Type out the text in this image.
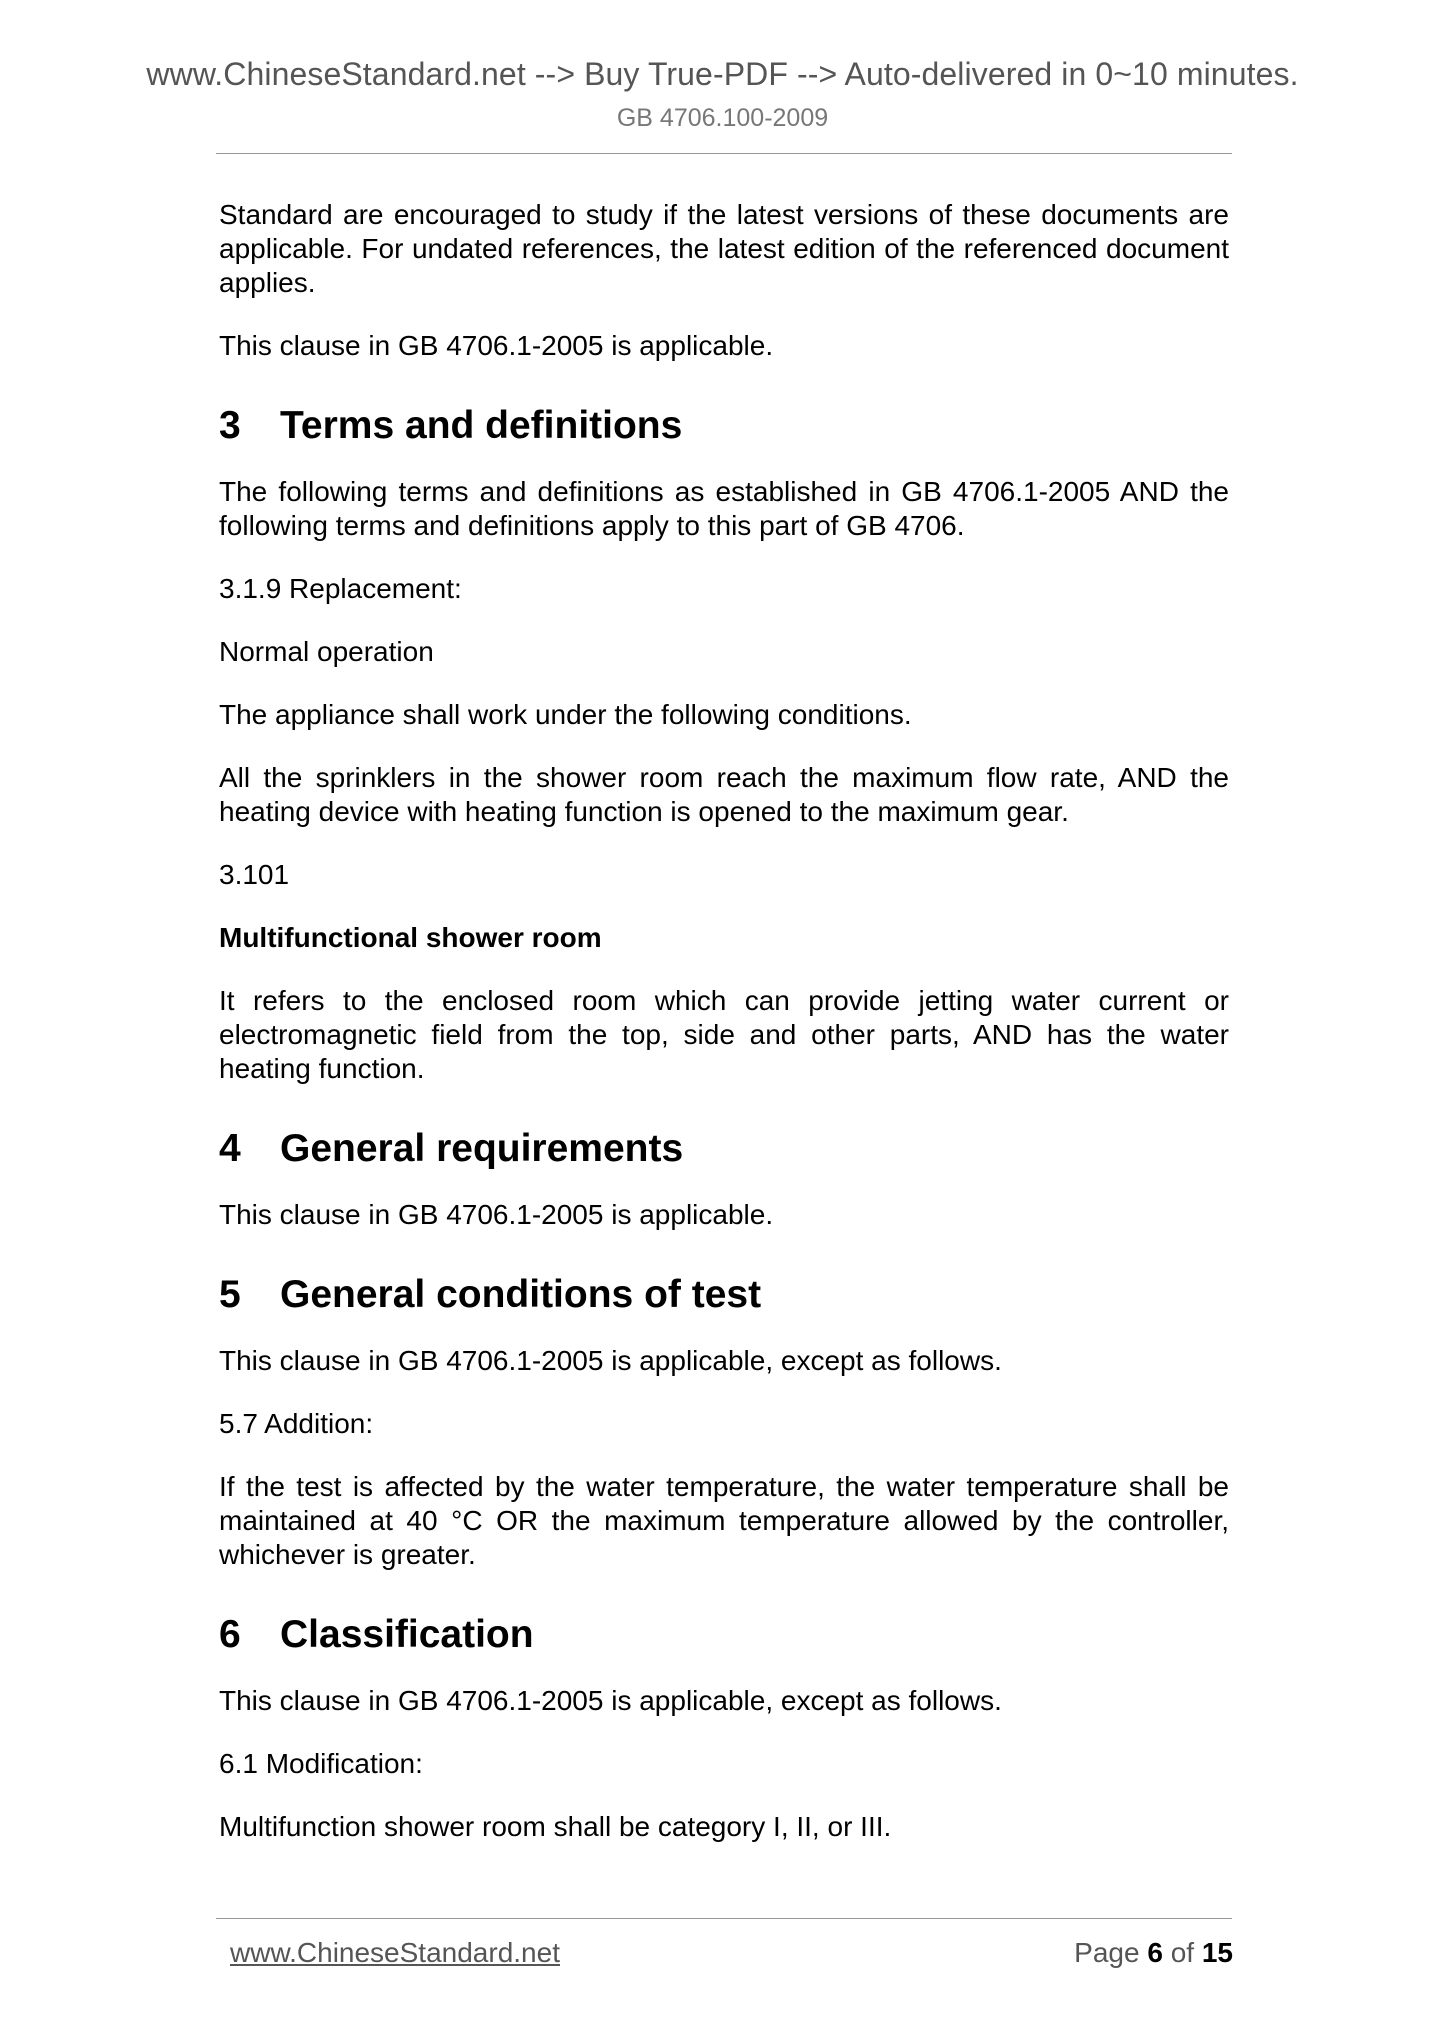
www.ChineseStandard.net --> Buy True-PDF --> Auto-delivered in 0~10 minutes.
GB 4706.100-2009

Standard are encouraged to study if the latest versions of these documents are applicable. For undated references, the latest edition of the referenced document applies.

This clause in GB 4706.1-2005 is applicable.

3 Terms and definitions

The following terms and definitions as established in GB 4706.1-2005 AND the following terms and definitions apply to this part of GB 4706.

3.1.9 Replacement:

Normal operation

The appliance shall work under the following conditions.

All the sprinklers in the shower room reach the maximum flow rate, AND the heating device with heating function is opened to the maximum gear.

3.101

Multifunctional shower room

It refers to the enclosed room which can provide jetting water current or electromagnetic field from the top, side and other parts, AND has the water heating function.

4 General requirements

This clause in GB 4706.1-2005 is applicable.

5 General conditions of test

This clause in GB 4706.1-2005 is applicable, except as follows.

5.7 Addition:

If the test is affected by the water temperature, the water temperature shall be maintained at 40 °C OR the maximum temperature allowed by the controller, whichever is greater.

6 Classification

This clause in GB 4706.1-2005 is applicable, except as follows.

6.1 Modification:

Multifunction shower room shall be category I, II, or III.

www.ChineseStandard.net	Page 6 of 15
